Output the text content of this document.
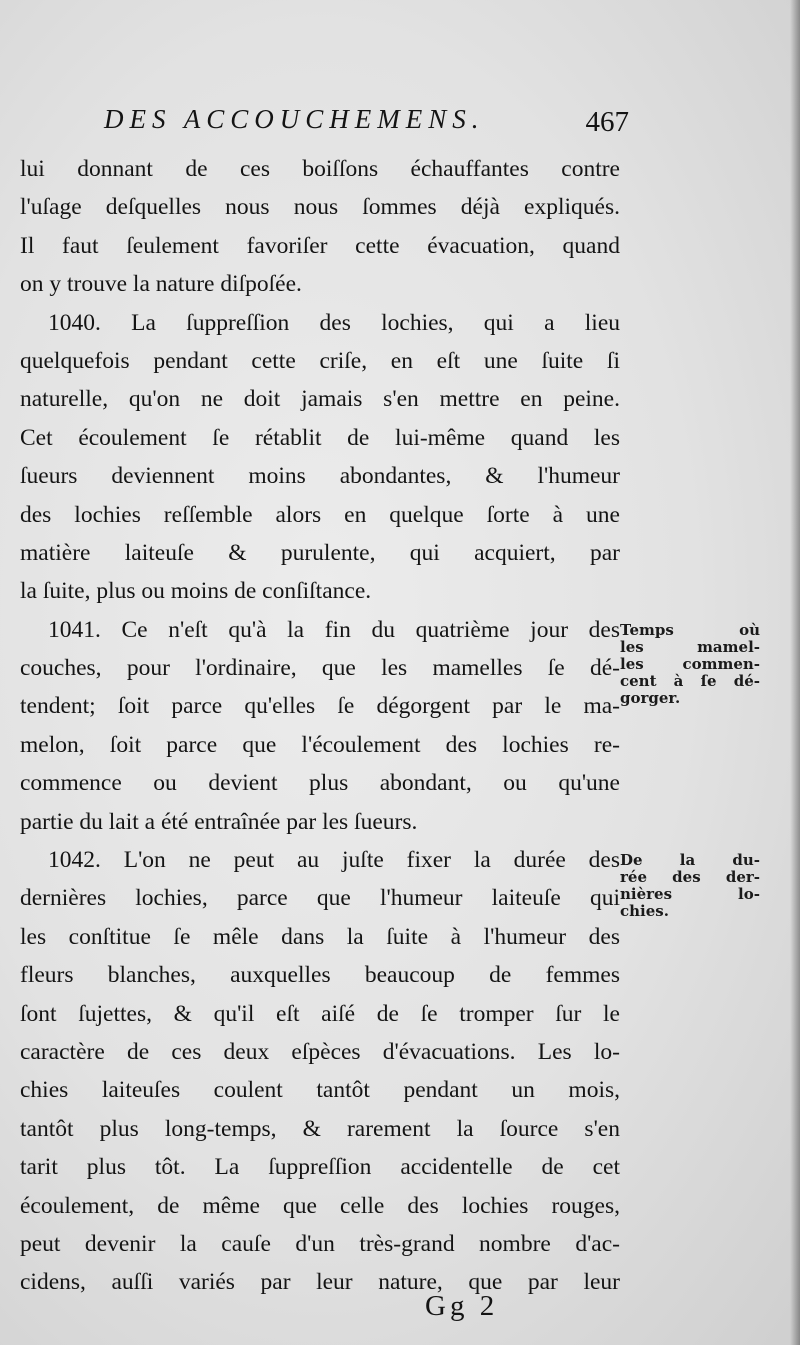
DES ACCOUCHEMENS.	467
lui donnant de ces boiſſons échauffantes contre
l'uſage deſquelles nous nous ſommes déjà expliqués.
Il faut ſeulement favoriſer cette évacuation, quand
on y trouve la nature diſpoſée.
1040. La ſuppreſſion des lochies, qui a lieu
quelquefois pendant cette criſe, en eſt une ſuite ſi
naturelle, qu'on ne doit jamais s'en mettre en peine.
Cet écoulement ſe rétablit de lui-même quand les
ſueurs deviennent moins abondantes, & l'humeur
des lochies reſſemble alors en quelque ſorte à une
matière laiteuſe & purulente, qui acquiert, par
la ſuite, plus ou moins de conſiſtance.
1041. Ce n'eſt qu'à la fin du quatrième jour des
couches, pour l'ordinaire, que les mamelles ſe dé-
tendent; ſoit parce qu'elles ſe dégorgent par le ma-
melon, ſoit parce que l'écoulement des lochies re-
commence ou devient plus abondant, ou qu'une
partie du lait a été entraînée par les ſueurs.
1042. L'on ne peut au juſte fixer la durée des
dernières lochies, parce que l'humeur laiteuſe qui
les conſtitue ſe mêle dans la ſuite à l'humeur des
fleurs blanches, auxquelles beaucoup de femmes
ſont ſujettes, & qu'il eſt aiſé de ſe tromper ſur le
caractère de ces deux eſpèces d'évacuations. Les lo-
chies laiteuſes coulent tantôt pendant un mois,
tantôt plus long-temps, & rarement la ſource s'en
tarit plus tôt. La ſuppreſſion accidentelle de cet
écoulement, de même que celle des lochies rouges,
peut devenir la cauſe d'un très-grand nombre d'ac-
cidens, auſſi variés par leur nature, que par leur
Temps où
les mamel-
les commen-
cent à ſe dé-
gorger.
De la du-
rée des der-
nières lo-
chies.
Gg 2
